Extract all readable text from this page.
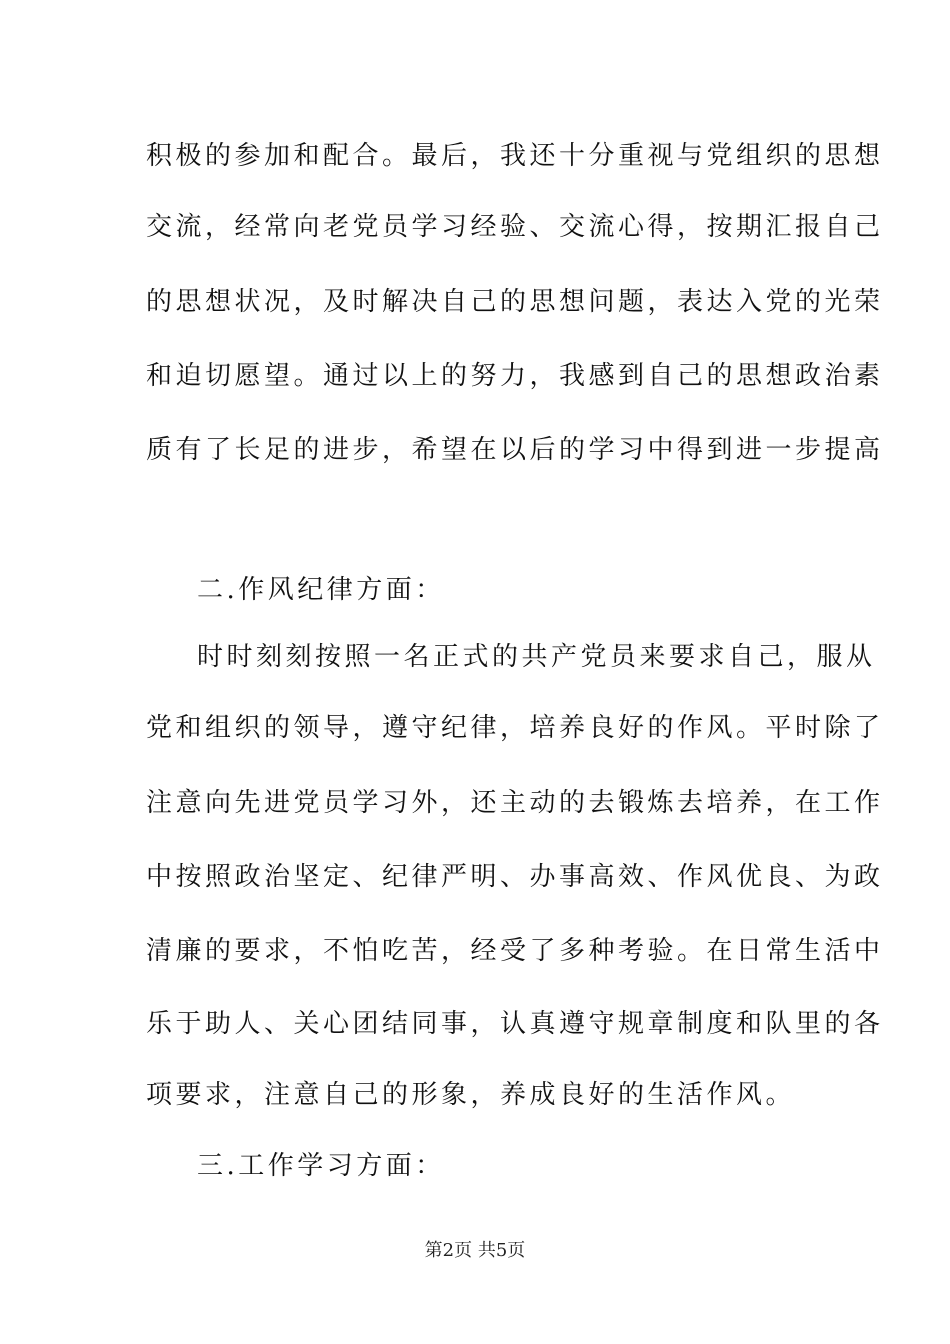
积极的参加和配合。最后，我还十分重视与党组织的思想
交流，经常向老党员学习经验、交流心得，按期汇报自己
的思想状况，及时解决自己的思想问题，表达入党的光荣
和迫切愿望。通过以上的努力，我感到自己的思想政治素
质有了长足的进步，希望在以后的学习中得到进一步提高
二.作风纪律方面：
时时刻刻按照一名正式的共产党员来要求自己，服从
党和组织的领导，遵守纪律，培养良好的作风。平时除了
注意向先进党员学习外，还主动的去锻炼去培养，在工作
中按照政治坚定、纪律严明、办事高效、作风优良、为政
清廉的要求，不怕吃苦，经受了多种考验。在日常生活中
乐于助人、关心团结同事，认真遵守规章制度和队里的各
项要求，注意自己的形象，养成良好的生活作风。
三.工作学习方面：
第2页 共5页
